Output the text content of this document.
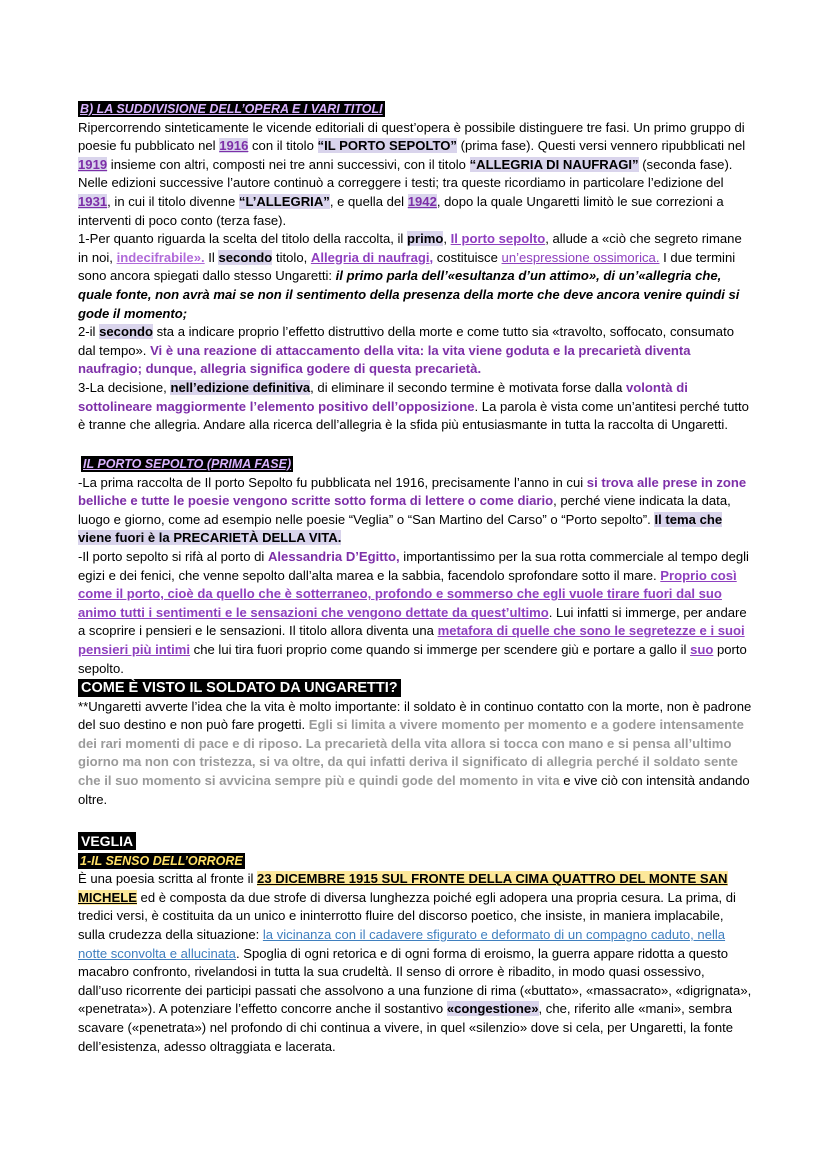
B) LA SUDDIVISIONE DELL’OPERA E I VARI TITOLI

Ripercorrendo sinteticamente le vicende editoriali di quest’opera è possibile distinguere tre fasi. Un primo gruppo di poesie fu pubblicato nel 1916 con il titolo “IL PORTO SEPOLTO” (prima fase). Questi versi vennero ripubblicati nel 1919 insieme con altri, composti nei tre anni successivi, con il titolo “ALLEGRIA DI NAUFRAGI” (seconda fase). Nelle edizioni successive l’autore continuò a correggere i testi; tra queste ricordiamo in particolare l’edizione del 1931, in cui il titolo divenne “L’ALLEGRIA”, e quella del 1942, dopo la quale Ungaretti limitò le sue correzioni a interventi di poco conto (terza fase).

1-Per quanto riguarda la scelta del titolo della raccolta, il primo, Il porto sepolto, allude a «ciò che segreto rimane in noi, indecifrabile». Il secondo titolo, Allegria di naufragi, costituisce un’espressione ossimorica. I due termini sono ancora spiegati dallo stesso Ungaretti: il primo parla dell’«esultanza d’un attimo», di un’«allegria che, quale fonte, non avrà mai se non il sentimento della presenza della morte che deve ancora venire quindi si gode il momento;

2-il secondo sta a indicare proprio l’effetto distruttivo della morte e come tutto sia «travolto, soffocato, consumato dal tempo». Vi è una reazione di attaccamento della vita: la vita viene goduta e la precarietà diventa naufragio; dunque, allegria significa godere di questa precarietà.

3-La decisione, nell’edizione definitiva, di eliminare il secondo termine è motivata forse dalla volontà di sottolineare maggiormente l’elemento positivo dell’opposizione. La parola è vista come un’antitesi perché tutto è tranne che allegria. Andare alla ricerca dell’allegria è la sfida più entusiasmante in tutta la raccolta di Ungaretti.

IL PORTO SEPOLTO (PRIMA FASE)

-La prima raccolta de Il porto Sepolto fu pubblicata nel 1916, precisamente l’anno in cui si trova alle prese in zone belliche e tutte le poesie vengono scritte sotto forma di lettere o come diario, perché viene indicata la data, luogo e giorno, come ad esempio nelle poesie “Veglia” o “San Martino del Carso” o “Porto sepolto”. Il tema che viene fuori è la PRECARIETÀ DELLA VITA.

-Il porto sepolto si rifà al porto di Alessandria D’Egitto, importantissimo per la sua rotta commerciale al tempo degli egizi e dei fenici, che venne sepolto dall’alta marea e la sabbia, facendolo sprofondare sotto il mare. Proprio così come il porto, cioè da quello che è sotterraneo, profondo e sommerso che egli vuole tirare fuori dal suo animo tutti i sentimenti e le sensazioni che vengono dettate da quest’ultimo. Lui infatti si immerge, per andare a scoprire i pensieri e le sensazioni. Il titolo allora diventa una metafora di quelle che sono le segretezze e i suoi pensieri più intimi che lui tira fuori proprio come quando si immerge per scendere giù e portare a gallo il suo porto sepolto.

COME È VISTO IL SOLDATO DA UNGARETTI?

**Ungaretti avverte l’idea che la vita è molto importante: il soldato è in continuo contatto con la morte, non è padrone del suo destino e non può fare progetti. Egli si limita a vivere momento per momento e a godere intensamente dei rari momenti di pace e di riposo. La precarietà della vita allora si tocca con mano e si pensa all’ultimo giorno ma non con tristezza, si va oltre, da qui infatti deriva il significato di allegria perché il soldato sente che il suo momento si avvicina sempre più e quindi gode del momento in vita e vive ciò con intensità andando oltre.

VEGLIA
1-IL SENSO DELL’ORRORE

È una poesia scritta al fronte il 23 DICEMBRE 1915 SUL FRONTE DELLA CIMA QUATTRO DEL MONTE SAN MICHELE ed è composta da due strofe di diversa lunghezza poiché egli adopera una propria cesura. La prima, di tredici versi, è costituita da un unico e ininterrotto fluire del discorso poetico, che insiste, in maniera implacabile, sulla crudezza della situazione: la vicinanza con il cadavere sfigurato e deformato di un compagno caduto, nella notte sconvolta e allucinata. Spoglia di ogni retorica e di ogni forma di eroismo, la guerra appare ridotta a questo macabro confronto, rivelandosi in tutta la sua crudeltà. Il senso di orrore è ribadito, in modo quasi ossessivo, dall’uso ricorrente dei participi passati che assolvono a una funzione di rima («buttato», «massacrato», «digrignata», «penetrata»). A potenziare l’effetto concorre anche il sostantivo «congestione», che, riferito alle «mani», sembra scavare («penetrata») nel profondo di chi continua a vivere, in quel «silenzio» dove si cela, per Ungaretti, la fonte dell’esistenza, adesso oltraggiata e lacerata.
